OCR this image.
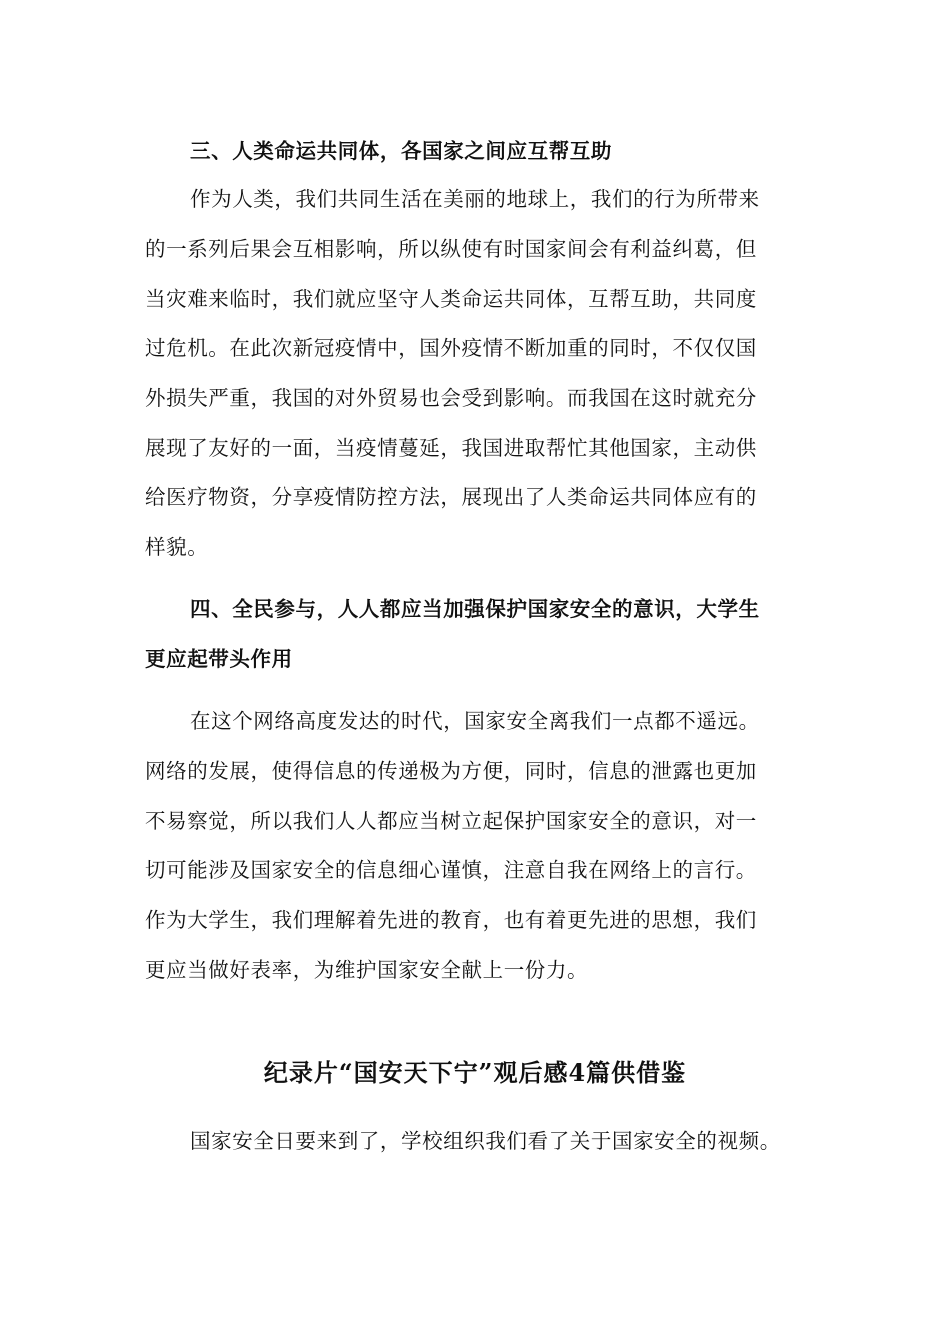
三、人类命运共同体，各国家之间应互帮互助
作为人类，我们共同生活在美丽的地球上，我们的行为所带来
的一系列后果会互相影响，所以纵使有时国家间会有利益纠葛，但
当灾难来临时，我们就应坚守人类命运共同体，互帮互助，共同度
过危机。在此次新冠疫情中，国外疫情不断加重的同时，不仅仅国
外损失严重，我国的对外贸易也会受到影响。而我国在这时就充分
展现了友好的一面，当疫情蔓延，我国进取帮忙其他国家，主动供
给医疗物资，分享疫情防控方法，展现出了人类命运共同体应有的
样貌。
四、全民参与，人人都应当加强保护国家安全的意识，大学生
更应起带头作用
在这个网络高度发达的时代，国家安全离我们一点都不遥远。
网络的发展，使得信息的传递极为方便，同时，信息的泄露也更加
不易察觉，所以我们人人都应当树立起保护国家安全的意识，对一
切可能涉及国家安全的信息细心谨慎，注意自我在网络上的言行。
作为大学生，我们理解着先进的教育，也有着更先进的思想，我们
更应当做好表率，为维护国家安全献上一份力。
纪录片“国安天下宁”观后感4篇供借鉴
国家安全日要来到了，学校组织我们看了关于国家安全的视频。
